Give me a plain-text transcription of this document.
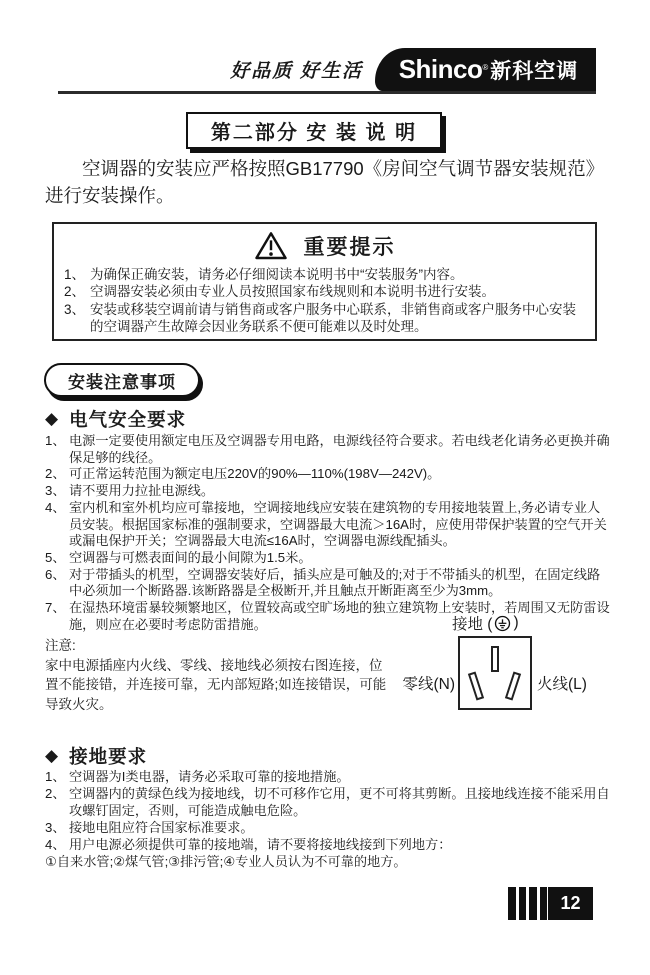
好品质 好生活 Shinco® 新科空调
第二部分 安 装 说 明

空调器的安装应严格按照GB17790《房间空气调节器安装规范》进行安装操作。

重要提示
1、 为确保正确安装，请务必仔细阅读本说明书中“安装服务”内容。
2、 空调器安装必须由专业人员按照国家布线规则和本说明书进行安装。
3、 安装或移装空调前请与销售商或客户服务中心联系，非销售商或客户服务中心安装的空调器产生故障会因业务联系不便可能难以及时处理。
安装注意事项
◆ 电气安全要求
1、 电源一定要使用额定电压及空调器专用电路，电源线径符合要求。若电线老化请务必更换并确保足够的线径。
2、 可正常运转范围为额定电压220V的90%—110%(198V—242V)。
3、 请不要用力拉扯电源线。
4、 室内机和室外机均应可靠接地，空调接地线应安装在建筑物的专用接地装置上,务必请专业人员安装。根据国家标准的强制要求，空调器最大电流＞16A时，应使用带保护装置的空气开关或漏电保护开关；空调器最大电流≤16A时，空调器电源线配插头。
5、 空调器与可燃表面间的最小间隙为1.5米。
6、 对于带插头的机型，空调器安装好后，插头应是可触及的;对于不带插头的机型，在固定线路中必须加一个断路器.该断路器是全极断开,并且触点开断距离至少为3mm。
7、 在湿热环境雷暴较频繁地区，位置较高或空旷场地的独立建筑物上安装时，若周围又无防雷设施，则应在必要时考虑防雷措施。
注意:
家中电源插座内火线、零线、接地线必须按右图连接，位置不能接错，并连接可靠，无内部短路;如连接错误，可能导致火灾。
接地 ( )
零线(N)	火线(L)
◆ 接地要求
1、 空调器为I类电器，请务必采取可靠的接地措施。
2、 空调器内的黄绿色线为接地线，切不可移作它用，更不可将其剪断。且接地线连接不能采用自攻螺钉固定，否则，可能造成触电危险。
3、 接地电阻应符合国家标准要求。
4、 用户电源必须提供可靠的接地端，请不要将接地线接到下列地方：
①自来水管;②煤气管;③排污管;④专业人员认为不可靠的地方。
12
